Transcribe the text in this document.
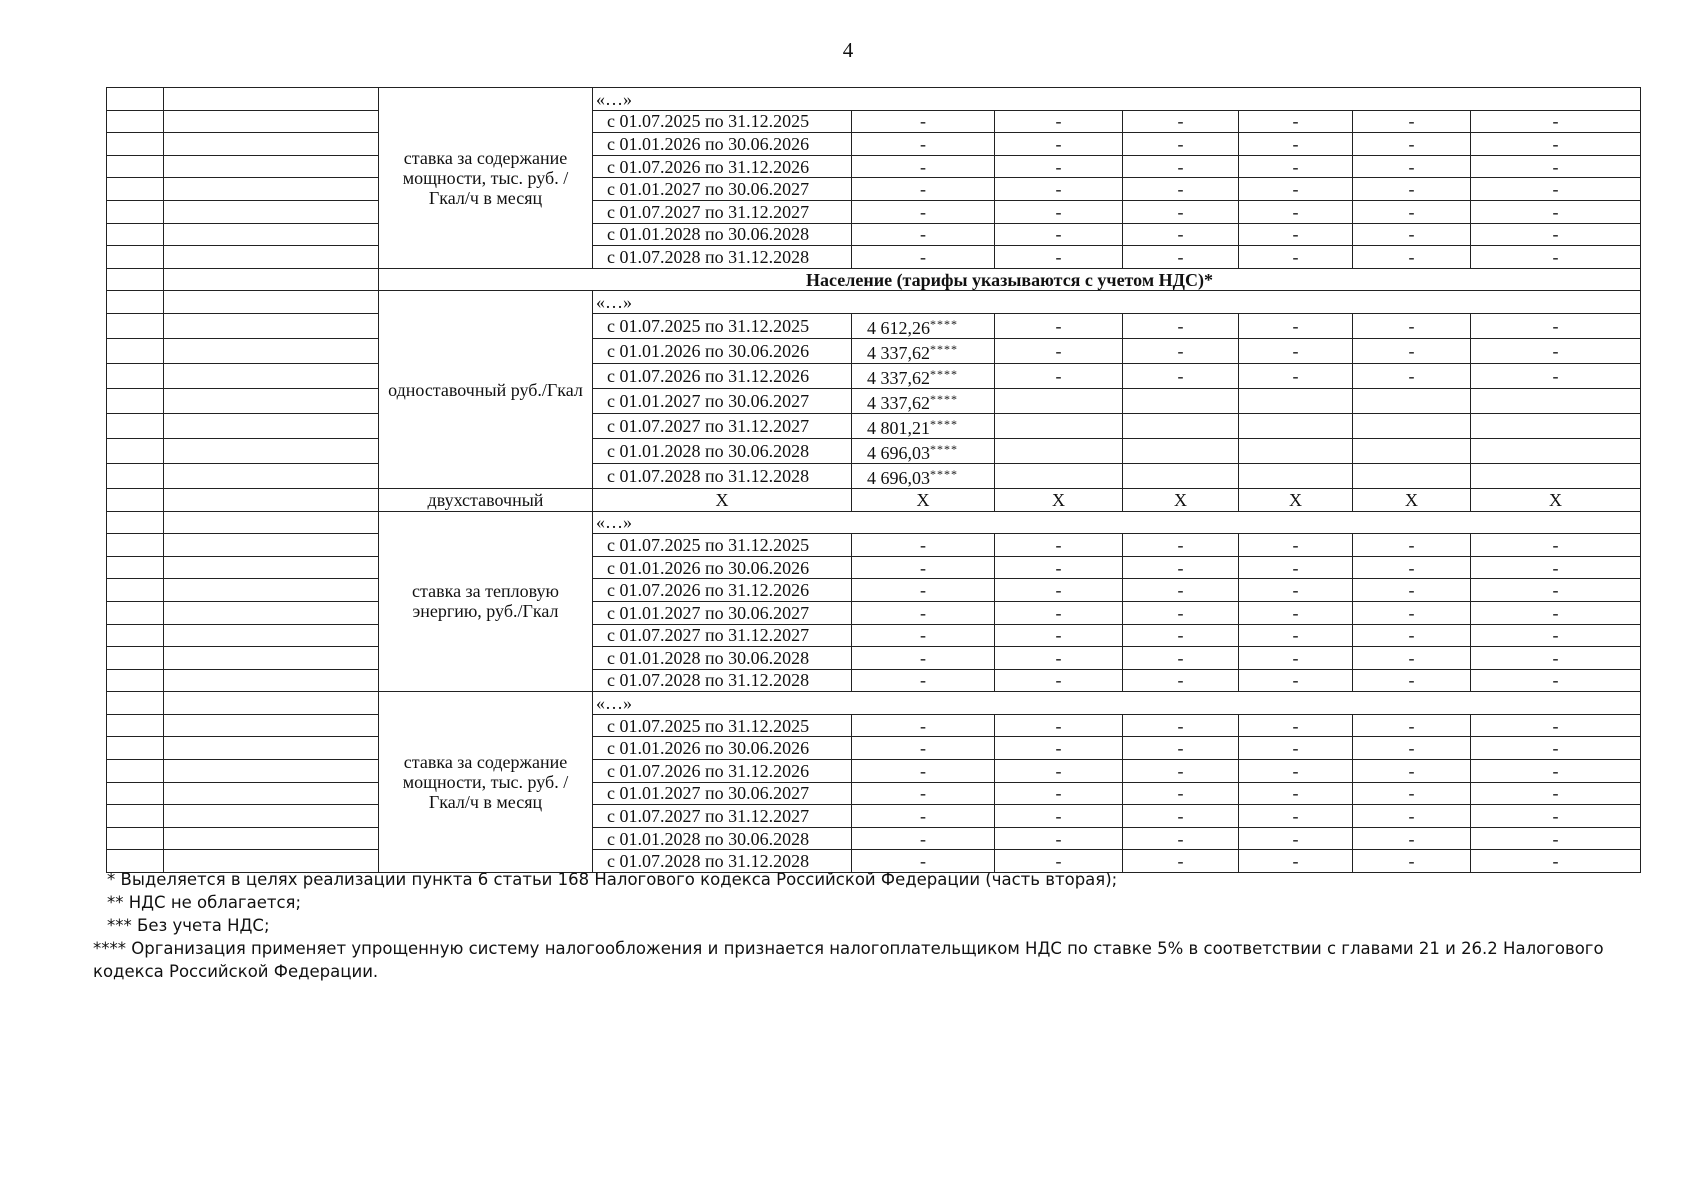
4
		ставка за содержание мощности, тыс. руб. /Гкал/ч в месяц	«…»						
			с 01.07.2025 по 31.12.2025	-	-	-	-	-	-
			с 01.01.2026 по 30.06.2026	-	-	-	-	-	-
			с 01.07.2026 по 31.12.2026	-	-	-	-	-	-
			с 01.01.2027 по 30.06.2027	-	-	-	-	-	-
			с 01.07.2027 по 31.12.2027	-	-	-	-	-	-
			с 01.01.2028 по 30.06.2028	-	-	-	-	-	-
			с 01.07.2028 по 31.12.2028	-	-	-	-	-	-
		Население (тарифы указываются с учетом НДС)*							
		одноставочный руб./Гкал	«…»						
			с 01.07.2025 по 31.12.2025	4 612,26****	-	-	-	-	-
			с 01.01.2026 по 30.06.2026	4 337,62****	-	-	-	-	-
			с 01.07.2026 по 31.12.2026	4 337,62****	-	-	-	-	-
			с 01.01.2027 по 30.06.2027	4 337,62****					
			с 01.07.2027 по 31.12.2027	4 801,21****					
			с 01.01.2028 по 30.06.2028	4 696,03****					
			с 01.07.2028 по 31.12.2028	4 696,03****					
		двухставочный	X	X	X	X	X	X	X
		ставка за тепловую энергию, руб./Гкал	«…»						
			с 01.07.2025 по 31.12.2025	-	-	-	-	-	-
			с 01.01.2026 по 30.06.2026	-	-	-	-	-	-
			с 01.07.2026 по 31.12.2026	-	-	-	-	-	-
			с 01.01.2027 по 30.06.2027	-	-	-	-	-	-
			с 01.07.2027 по 31.12.2027	-	-	-	-	-	-
			с 01.01.2028 по 30.06.2028	-	-	-	-	-	-
			с 01.07.2028 по 31.12.2028	-	-	-	-	-	-
		ставка за содержание мощности, тыс. руб. /Гкал/ч в месяц	«…»						
			с 01.07.2025 по 31.12.2025	-	-	-	-	-	-
			с 01.01.2026 по 30.06.2026	-	-	-	-	-	-
			с 01.07.2026 по 31.12.2026	-	-	-	-	-	-
			с 01.01.2027 по 30.06.2027	-	-	-	-	-	-
			с 01.07.2027 по 31.12.2027	-	-	-	-	-	-
			с 01.01.2028 по 30.06.2028	-	-	-	-	-	-
			с 01.07.2028 по 31.12.2028	-	-	-	-	-	-

* Выделяется в целях реализации пункта 6 статьи 168 Налогового кодекса Российской Федерации (часть вторая);

** НДС не облагается;

*** Без учета НДС;

**** Организация применяет упрощенную систему налогообложения и признается налогоплательщиком НДС по ставке 5% в соответствии с главами 21 и 26.2 Налогового кодекса Российской Федерации.
